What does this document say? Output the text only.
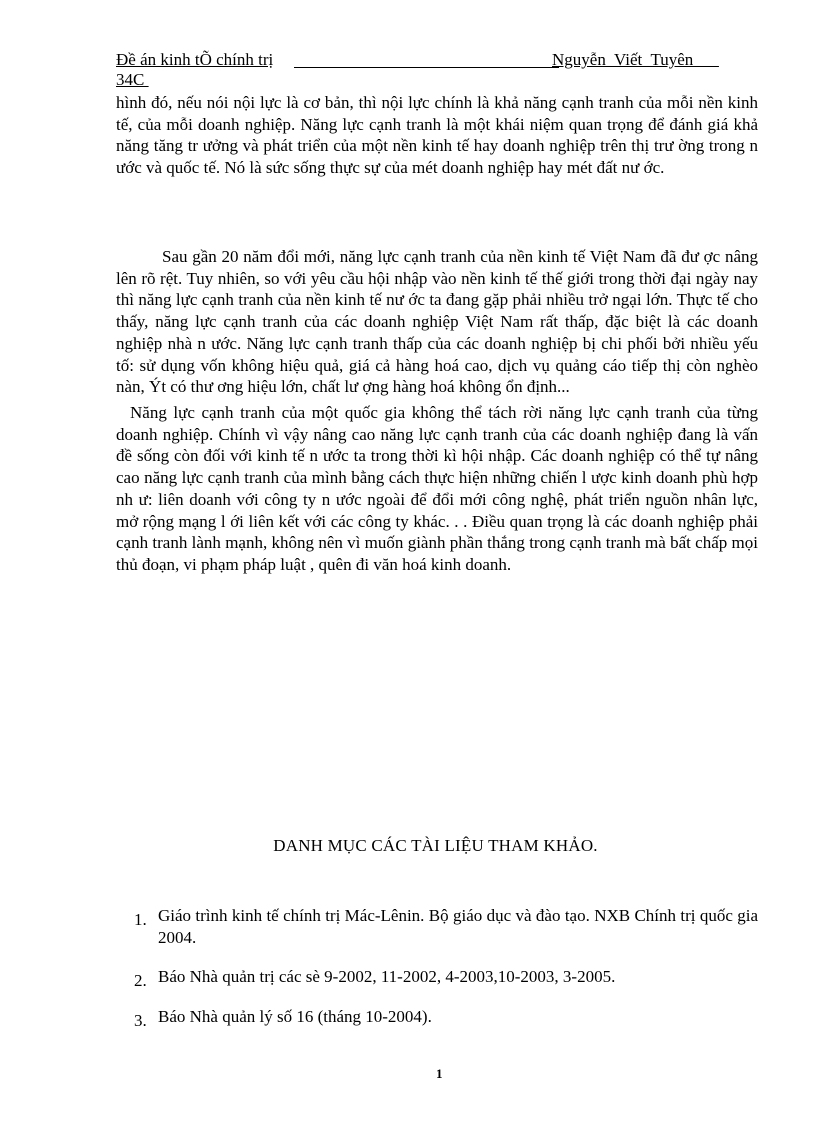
Đề án kinh tÕ chính trị	Nguyễn  Viết  Tuyên  __
34C

hình đó, nếu nói nội lực là cơ bản, thì nội lực chính là khả năng cạnh tranh của mỗi nền kinh tế, của mỗi doanh nghiệp. Năng lực cạnh tranh là một khái niệm quan trọng để đánh giá khả năng tăng tr ưởng và phát triển của một nền kinh tế hay doanh nghiệp trên thị trư ờng trong n ước và quốc tế. Nó là sức sống thực sự của mét doanh nghiệp hay mét đất nư ớc.

Sau gần 20 năm đổi mới, năng lực cạnh tranh của nền kinh tế Việt Nam đã đư ợc nâng lên rõ rệt. Tuy nhiên, so với yêu cầu hội nhập vào nền kinh tế thế giới trong thời đại ngày nay thì năng lực cạnh tranh của nền kinh tế nư ớc ta đang gặp phải nhiều trở ngại lớn. Thực tế cho thấy, năng lực cạnh tranh của các doanh nghiệp Việt Nam rất thấp, đặc biệt là các doanh nghiệp nhà n ước. Năng lực cạnh tranh thấp của các doanh nghiệp bị chi phối bởi nhiều yếu tố: sử dụng vốn không hiệu quả, giá cả hàng hoá cao, dịch vụ quảng cáo tiếp thị còn nghèo nàn, Ýt có thư ơng hiệu lớn, chất lư ợng hàng hoá không ổn định...

Năng lực cạnh tranh của một quốc gia không thể tách rời năng lực cạnh tranh của từng doanh nghiệp. Chính vì vậy nâng cao năng lực cạnh tranh của các doanh nghiệp đang là vấn đề sống còn đối với kinh tế n ước ta trong thời kì hội nhập. Các doanh nghiệp có thể tự nâng cao năng lực cạnh tranh của mình bằng cách thực hiện những chiến l ược kinh doanh phù hợp nh ư: liên doanh với công ty n ước ngoài để đổi mới công nghệ, phát triển nguồn nhân lực, mở rộng mạng l ới liên kết với các công ty khác. . . Điều quan trọng là các doanh nghiệp phải cạnh tranh lành mạnh, không nên vì muốn giành phần thắng trong cạnh tranh mà bất chấp mọi thủ đoạn, vi phạm pháp luật , quên đi văn hoá kinh doanh.

DANH MỤC CÁC TÀI LIỆU THAM KHẢO.
1. Giáo trình kinh tế chính trị Mác-Lênin. Bộ giáo dục và đào tạo. NXB Chính trị quốc gia 2004.
2. Báo Nhà quản trị các sè 9-2002, 11-2002, 4-2003,10-2003, 3-2005.
3. Báo Nhà quản lý số 16 (tháng 10-2004).
1
